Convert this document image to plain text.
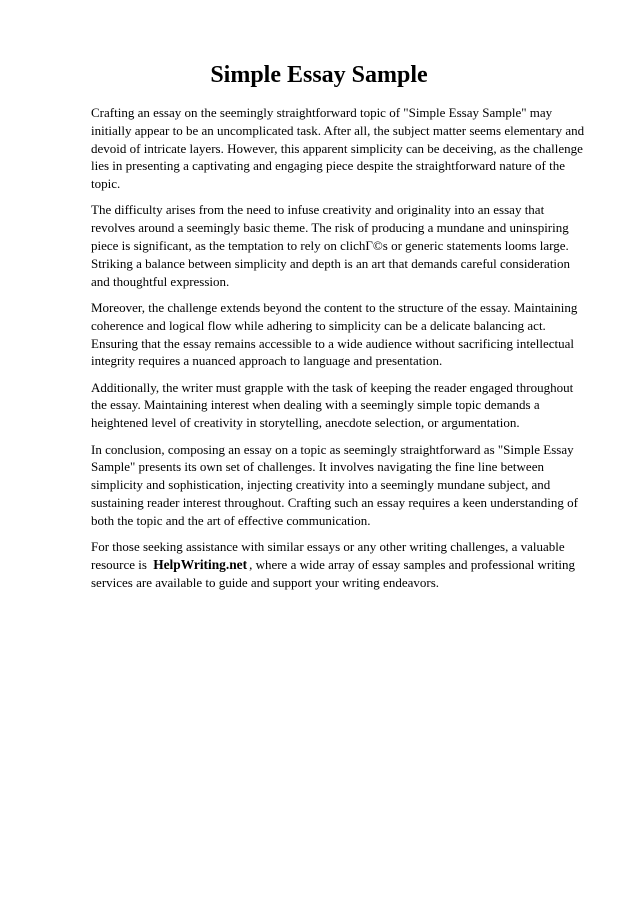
Simple Essay Sample

Crafting an essay on the seemingly straightforward topic of "Simple Essay Sample" may initially appear to be an uncomplicated task. After all, the subject matter seems elementary and devoid of intricate layers. However, this apparent simplicity can be deceiving, as the challenge lies in presenting a captivating and engaging piece despite the straightforward nature of the topic.

The difficulty arises from the need to infuse creativity and originality into an essay that revolves around a seemingly basic theme. The risk of producing a mundane and uninspiring piece is significant, as the temptation to rely on clichΓ©s or generic statements looms large. Striking a balance between simplicity and depth is an art that demands careful consideration and thoughtful expression.

Moreover, the challenge extends beyond the content to the structure of the essay. Maintaining coherence and logical flow while adhering to simplicity can be a delicate balancing act. Ensuring that the essay remains accessible to a wide audience without sacrificing intellectual integrity requires a nuanced approach to language and presentation.

Additionally, the writer must grapple with the task of keeping the reader engaged throughout the essay. Maintaining interest when dealing with a seemingly simple topic demands a heightened level of creativity in storytelling, anecdote selection, or argumentation.

In conclusion, composing an essay on a topic as seemingly straightforward as "Simple Essay Sample" presents its own set of challenges. It involves navigating the fine line between simplicity and sophistication, injecting creativity into a seemingly mundane subject, and sustaining reader interest throughout. Crafting such an essay requires a keen understanding of both the topic and the art of effective communication.

For those seeking assistance with similar essays or any other writing challenges, a valuable resource is HelpWriting.net , where a wide array of essay samples and professional writing services are available to guide and support your writing endeavors.
